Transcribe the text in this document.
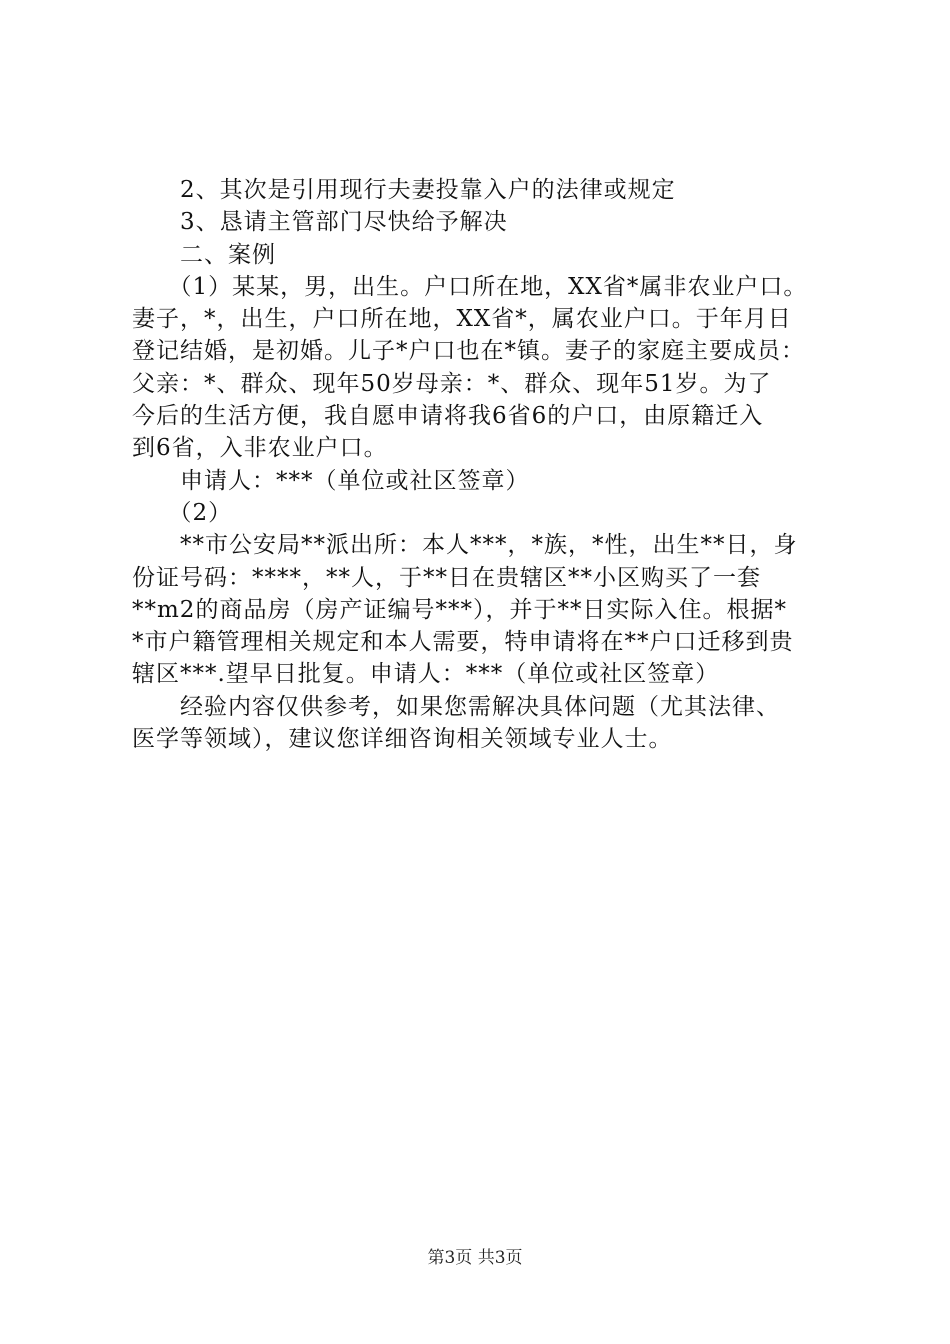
　　2、其次是引用现行夫妻投靠入户的法律或规定
　　3、恳请主管部门尽快给予解决
　　二、案例
　　（1）某某，男，出生。户口所在地，XX省*属非农业户口。
妻子，*，出生，户口所在地，XX省*，属农业户口。于年月日
登记结婚，是初婚。儿子*户口也在*镇。妻子的家庭主要成员：
父亲：*、群众、现年50岁母亲：*、群众、现年51岁。为了
今后的生活方便，我自愿申请将我6省6的户口，由原籍迁入
到6省，入非农业户口。
　　申请人：***（单位或社区签章）
　　（2）
　　**市公安局**派出所：本人***，*族，*性，出生**日，身
份证号码：****，**人，于**日在贵辖区**小区购买了一套
**m2的商品房（房产证编号***），并于**日实际入住。根据*
*市户籍管理相关规定和本人需要，特申请将在**户口迁移到贵
辖区***.望早日批复。申请人：***（单位或社区签章）
　　经验内容仅供参考，如果您需解决具体问题（尤其法律、
医学等领域），建议您详细咨询相关领域专业人士。
第3页 共3页
